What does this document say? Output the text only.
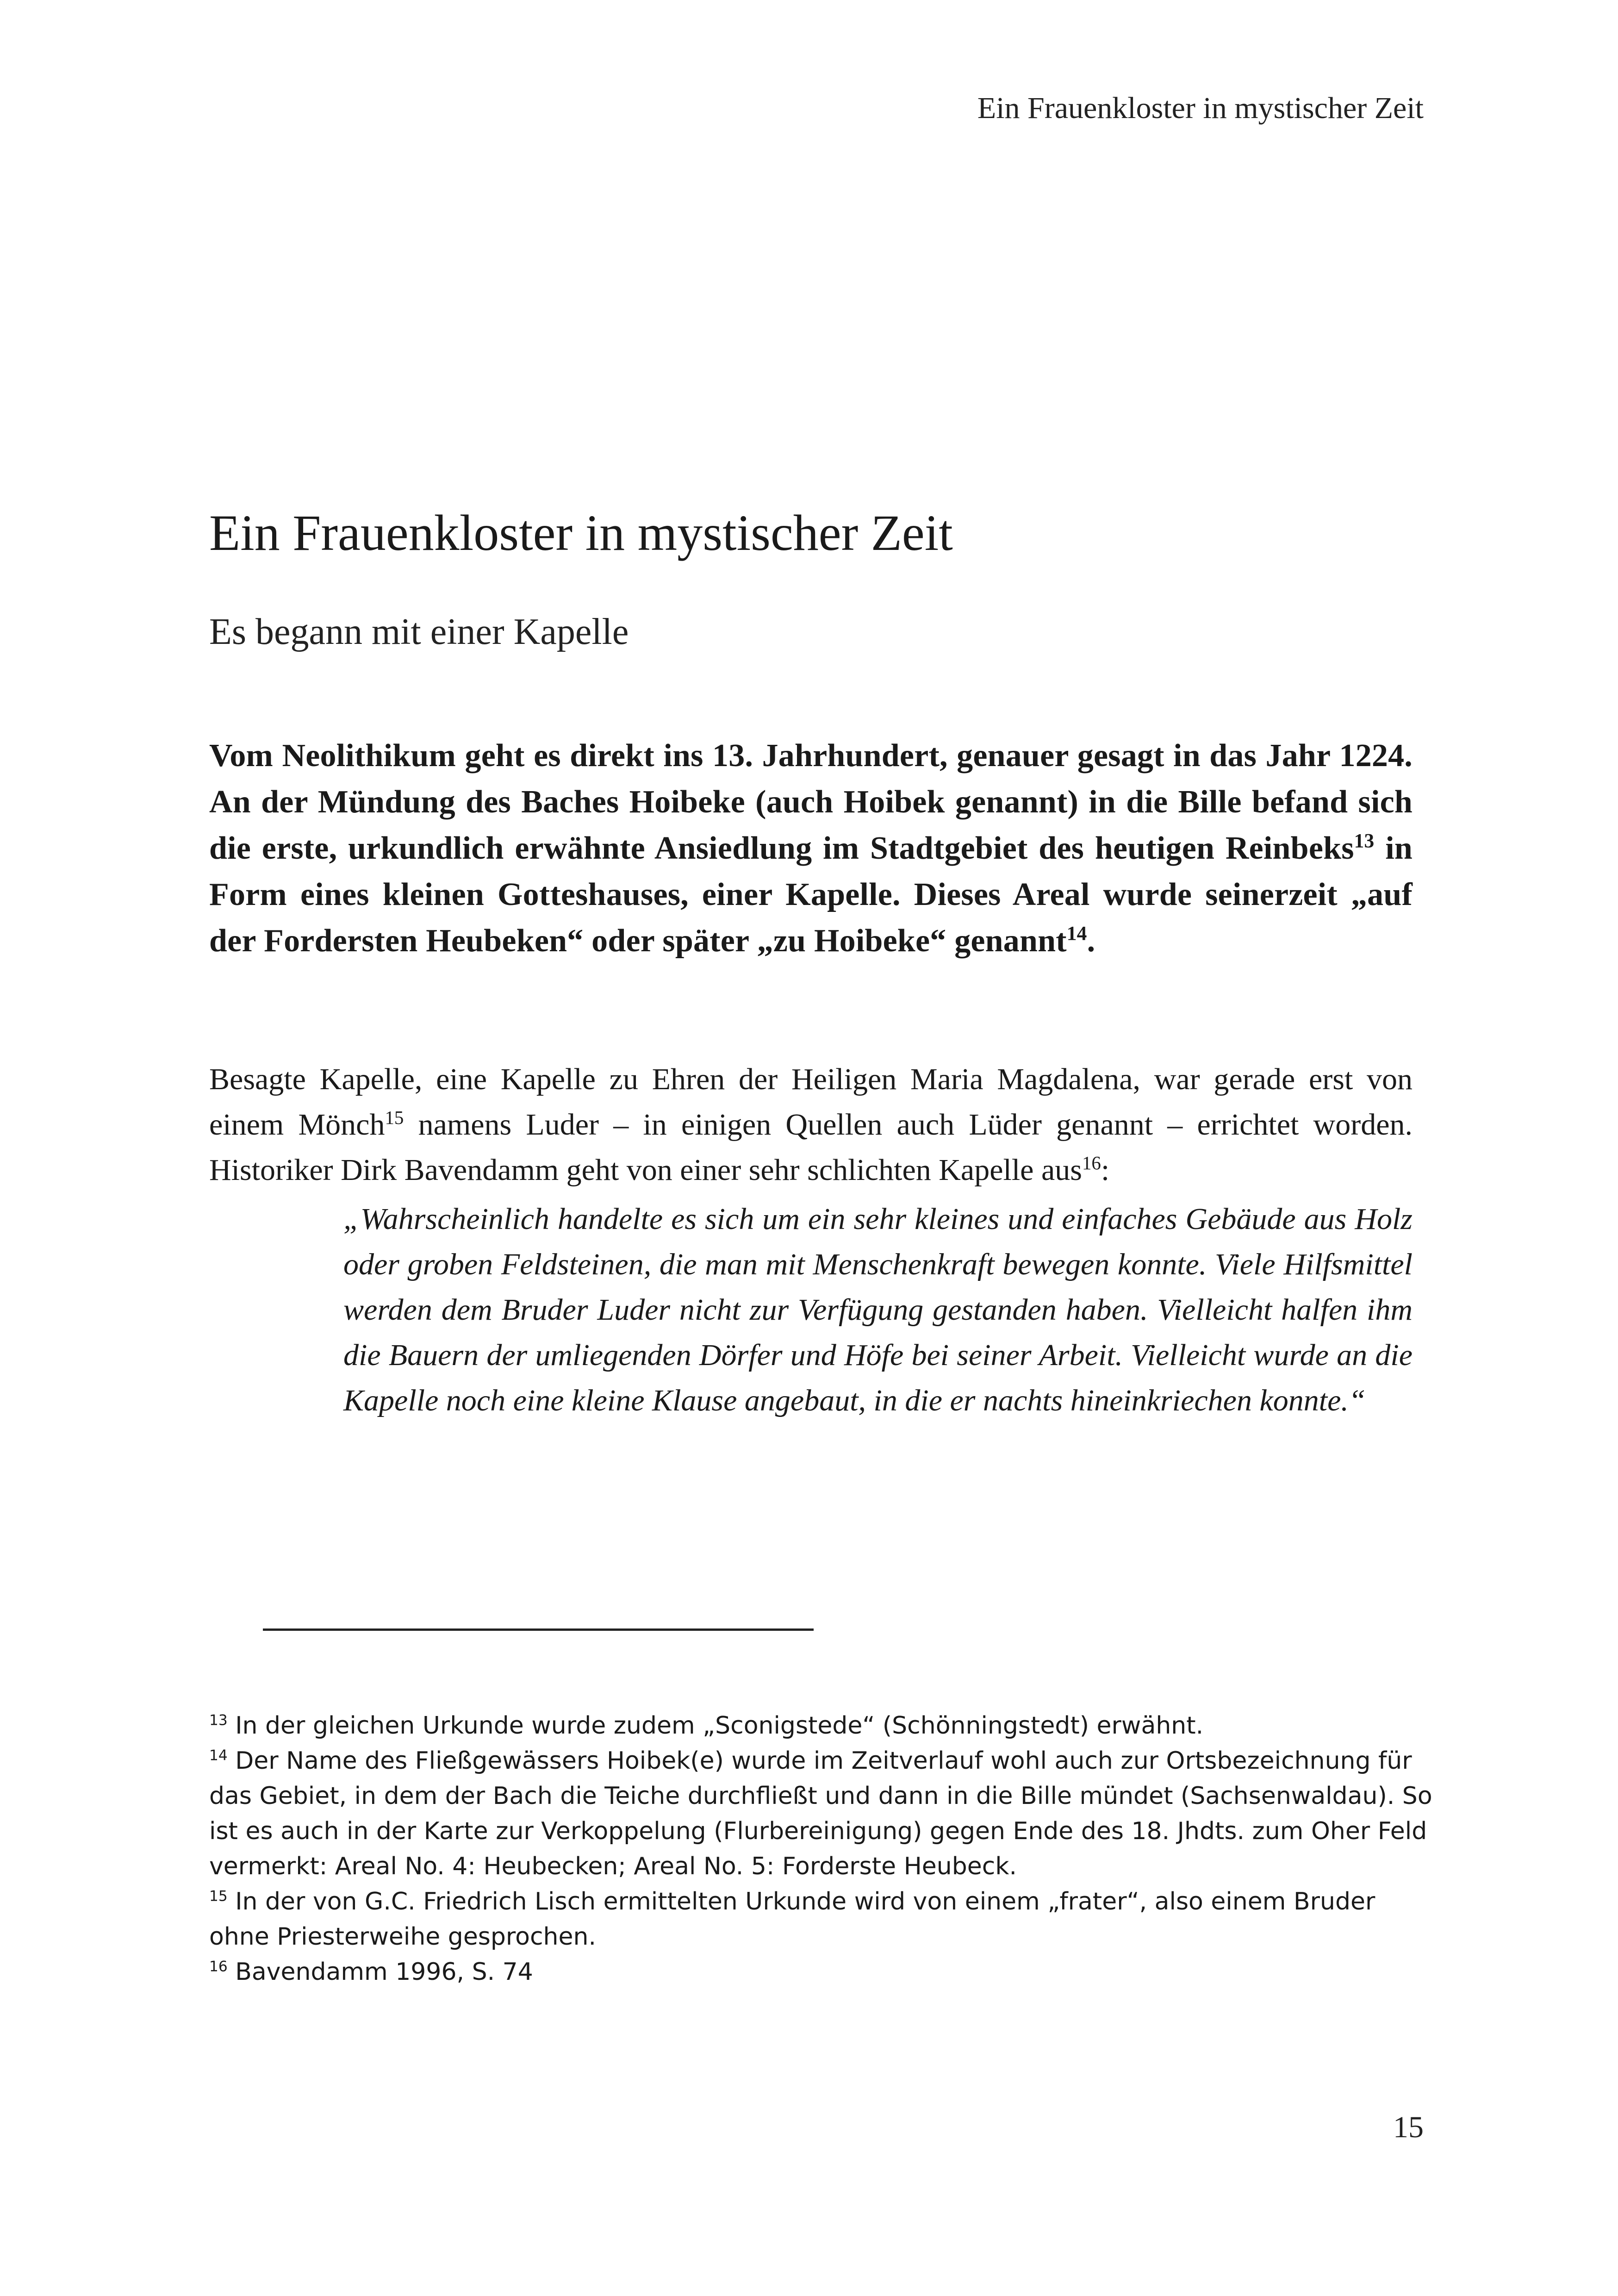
Ein Frauenkloster in mystischer Zeit
Ein Frauenkloster in mystischer Zeit
Es begann mit einer Kapelle

Vom Neolithikum geht es direkt ins 13. Jahrhundert, genauer gesagt in das Jahr 1224. An der Mündung des Baches Hoibeke (auch Hoibek genannt) in die Bille befand sich die erste, urkundlich erwähnte Ansiedlung im Stadtgebiet des heutigen Reinbeks$^{13}$ in Form eines kleinen Gotteshauses, einer Kapelle. Dieses Areal wurde seinerzeit „auf der Fordersten Heubeken“ oder später „zu Hoibeke“ genannt$^{14}$.

Besagte Kapelle, eine Kapelle zu Ehren der Heiligen Maria Magdalena, war gerade erst von einem Mönch$^{15}$ namens Luder – in einigen Quellen auch Lüder genannt – errichtet worden. Historiker Dirk Bavendamm geht von einer sehr schlichten Kapelle aus$^{16}$:

„Wahrscheinlich handelte es sich um ein sehr kleines und einfaches Gebäude aus Holz oder groben Feldsteinen, die man mit Menschenkraft bewegen konnte. Viele Hilfsmittel werden dem Bruder Luder nicht zur Verfügung gestanden haben. Vielleicht halfen ihm die Bauern der umliegenden Dörfer und Höfe bei seiner Arbeit. Vielleicht wurde an die Kapelle noch eine kleine Klause angebaut, in die er nachts hineinkriechen konnte.“

$^{13}$ In der gleichen Urkunde wurde zudem „Sconigstede“ (Schönningstedt) erwähnt.

$^{14}$ Der Name des Fließgewässers Hoibek(e) wurde im Zeitverlauf wohl auch zur Ortsbezeichnung für das Gebiet, in dem der Bach die Teiche durchfließt und dann in die Bille mündet (Sachsenwaldau). So ist es auch in der Karte zur Verkoppelung (Flurbereinigung) gegen Ende des 18. Jhdts. zum Oher Feld vermerkt: Areal No. 4: Heubecken; Areal No. 5: Forderste Heubeck.

$^{15}$ In der von G.C. Friedrich Lisch ermittelten Urkunde wird von einem „frater“, also einem Bruder ohne Priesterweihe gesprochen.

$^{16}$ Bavendamm 1996, S. 74

15
